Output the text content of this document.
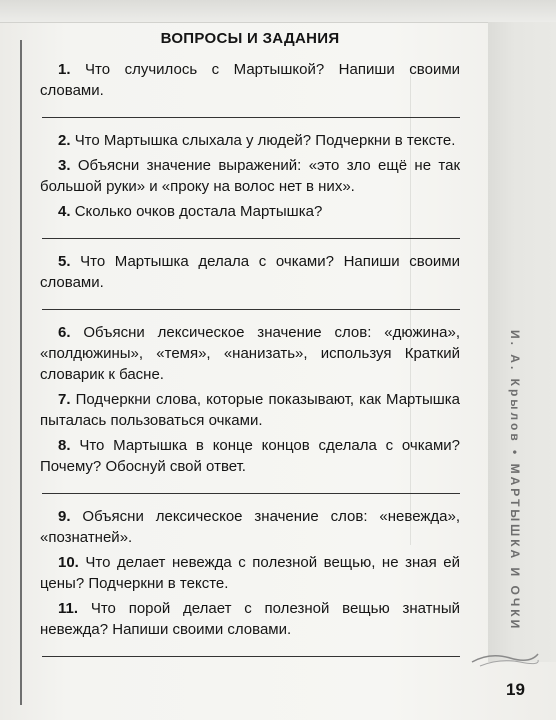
И. А. Крылов • МАРТЫШКА И ОЧКИ
ВОПРОСЫ И ЗАДАНИЯ

1. Что случилось с Мартышкой? Напиши своими словами.

2. Что Мартышка слыхала у людей? Подчеркни в тексте.

3. Объясни значение выражений: «это зло ещё не так большой руки» и «проку на волос нет в них».

4. Сколько очков достала Мартышка?

5. Что Мартышка делала с очками? Напиши своими словами.

6. Объясни лексическое значение слов: «дюжина», «полдюжины», «темя», «нанизать», используя Краткий словарик к басне.

7. Подчеркни слова, которые показывают, как Мартышка пыталась пользоваться очками.

8. Что Мартышка в конце концов сделала с очками? Почему? Обоснуй свой ответ.

9. Объясни лексическое значение слов: «невежда», «познатней».

10. Что делает невежда с полезной вещью, не зная ей цены? Подчеркни в тексте.

11. Что порой делает с полезной вещью знатный невежда? Напиши своими словами.

19
